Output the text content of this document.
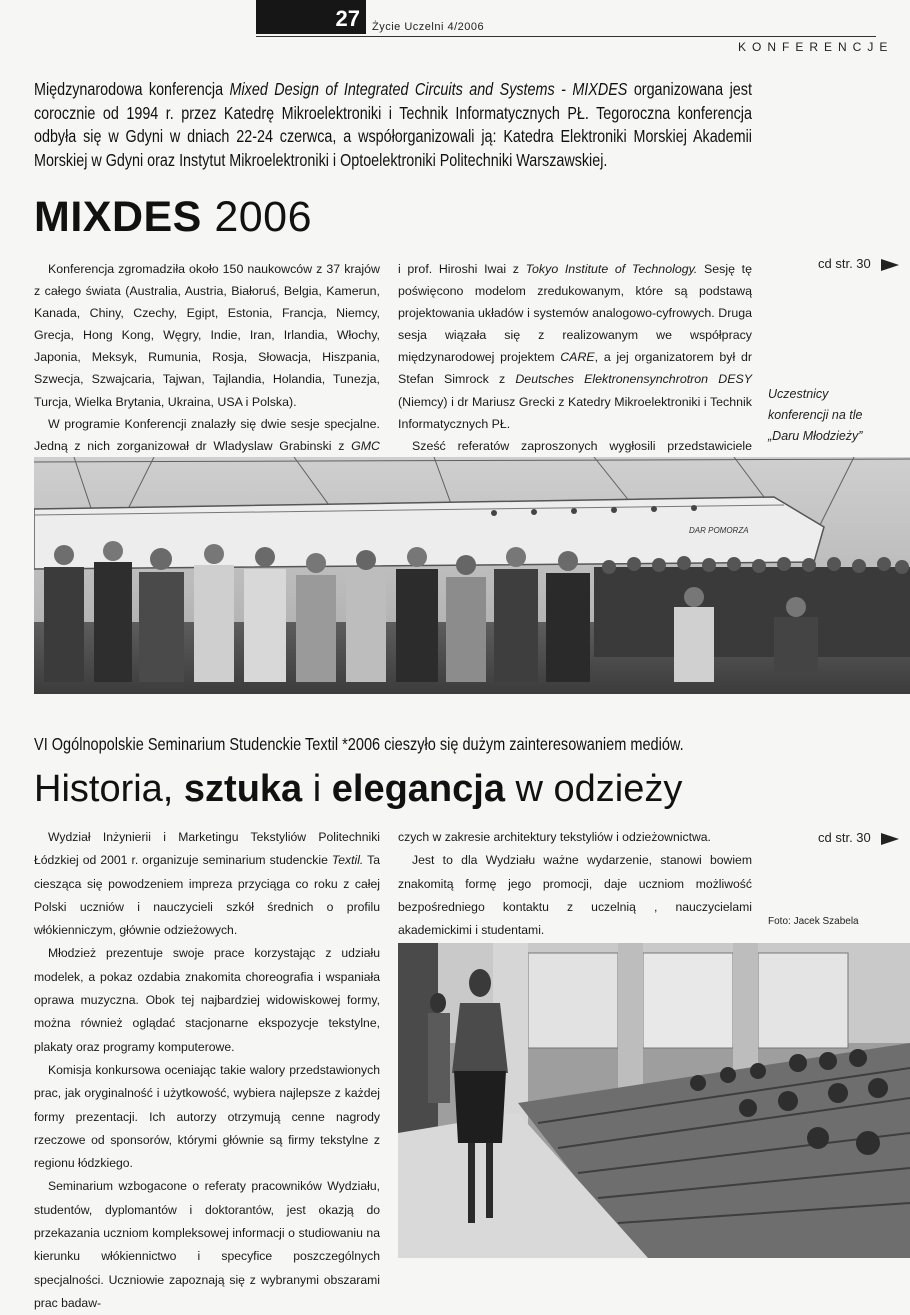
27	Życie Uczelni 4/2006
KONFERENCJE
Międzynarodowa konferencja Mixed Design of Integrated Circuits and Systems - MIXDES organizowana jest corocznie od 1994 r. przez Katedrę Mikroelektroniki i Technik Informatycznych PŁ. Tegoroczna konferencja odbyła się w Gdyni w dniach 22-24 czerwca, a współorganizowali ją: Katedra Elektroniki Morskiej Akademii Morskiej w Gdyni oraz Instytut Mikroelektroniki i Optoelektroniki Politechniki Warszawskiej.
MIXDES 2006

Konferencja zgromadziła około 150 naukowców z 37 krajów z całego świata (Australia, Austria, Białoruś, Belgia, Kamerun, Kanada, Chiny, Czechy, Egipt, Estonia, Francja, Niemcy, Grecja, Hong Kong, Węgry, Indie, Iran, Irlandia, Włochy, Japonia, Meksyk, Rumunia, Rosja, Słowacja, Hiszpania, Szwecja, Szwajcaria, Tajwan, Tajlandia, Holandia, Tunezja, Turcja, Wielka Brytania, Ukraina, USA i Polska).

W programie Konferencji znalazły się dwie sesje specjalne. Jedną z nich zorganizował dr Wladyslaw Grabinski z GMC

i prof. Hiroshi Iwai z Tokyo Institute of Technology. Sesję tę poświęcono modelom zredukowanym, które są podstawą projektowania układów i systemów analogowo-cyfrowych. Druga sesja wiązała się z realizowanym we współpracy międzynarodowej projektem CARE, a jej organizatorem był dr Stefan Simrock z Deutsches Elektronensynchrotron DESY (Niemcy) i dr Mariusz Grecki z Katedry Mikroelektroniki i Technik Informatycznych PŁ.

Sześć referatów zaproszonych wygłosili przedstawiciele

cd str. 30
Uczestnicy
konferencji na tle
„Daru Młodzieży”
DAR POMORZA
VI Ogólnopolskie Seminarium Studenckie Textil *2006 cieszyło się dużym zainteresowaniem mediów.
Historia, sztuka i elegancja w odzieży

Wydział Inżynierii i Marketingu Tekstyliów Politechniki Łódzkiej od 2001 r. organizuje seminarium studenckie Textil. Ta ciesząca się powodzeniem impreza przyciąga co roku z całej Polski uczniów i nauczycieli szkół średnich o profilu włókienniczym, głównie odzieżowych.

Młodzież prezentuje swoje prace korzystając z udziału modelek, a pokaz ozdabia znakomita choreografia i wspaniała oprawa muzyczna. Obok tej najbardziej widowiskowej formy, można również oglądać stacjonarne ekspozycje tekstylne, plakaty oraz programy komputerowe.

Komisja konkursowa oceniając takie walory przedstawionych prac, jak oryginalność i użytkowość, wybiera najlepsze z każdej formy prezentacji. Ich autorzy otrzymują cenne nagrody rzeczowe od sponsorów, którymi głównie są firmy tekstylne z regionu łódzkiego.

Seminarium wzbogacone o referaty pracowników Wydziału, studentów, dyplomantów i doktorantów, jest okazją do przekazania uczniom kompleksowej informacji o studiowaniu na kierunku włókiennictwo i specyfice poszczególnych specjalności. Uczniowie zapoznają się z wybranymi obszarami prac badaw-

czych w zakresie architektury tekstyliów i odzieżownictwa.

Jest to dla Wydziału ważne wydarzenie, stanowi bowiem znakomitą formę jego promocji, daje uczniom możliwość bezpośredniego kontaktu z uczelnią , nauczycielami akademickimi i studentami.

cd str. 30
Foto: Jacek Szabela
